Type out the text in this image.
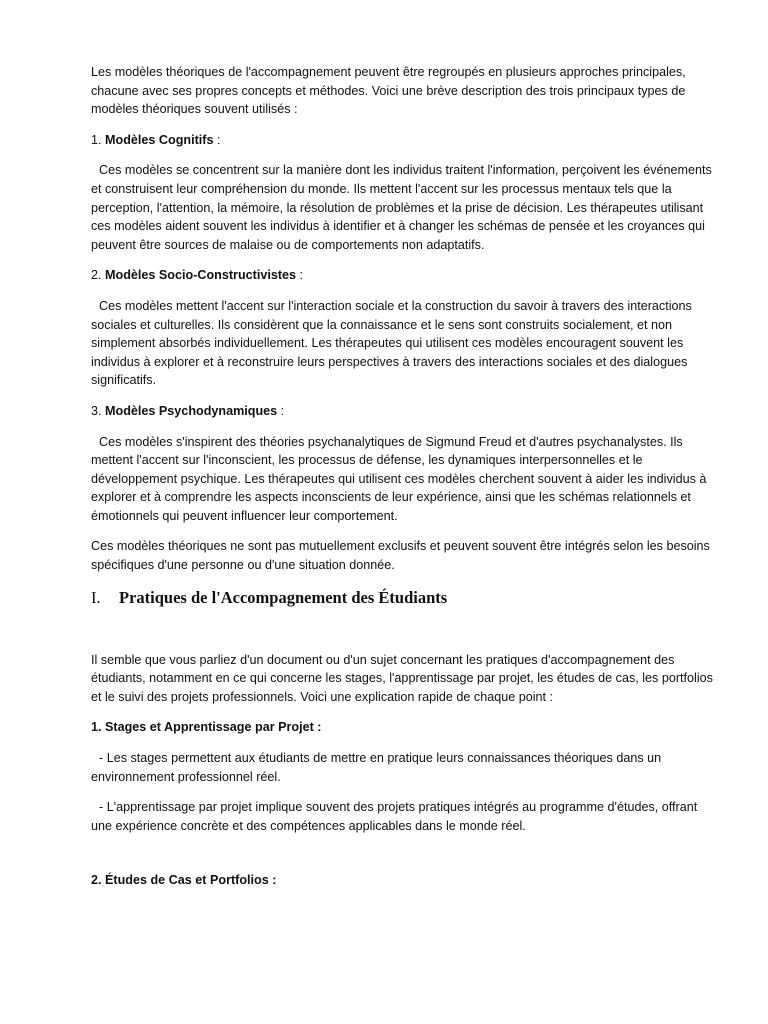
Les modèles théoriques de l'accompagnement peuvent être regroupés en plusieurs approches principales, chacune avec ses propres concepts et méthodes. Voici une brève description des trois principaux types de modèles théoriques souvent utilisés :

1. Modèles Cognitifs :

Ces modèles se concentrent sur la manière dont les individus traitent l'information, perçoivent les événements et construisent leur compréhension du monde. Ils mettent l'accent sur les processus mentaux tels que la perception, l'attention, la mémoire, la résolution de problèmes et la prise de décision. Les thérapeutes utilisant ces modèles aident souvent les individus à identifier et à changer les schémas de pensée et les croyances qui peuvent être sources de malaise ou de comportements non adaptatifs.

2. Modèles Socio-Constructivistes :

Ces modèles mettent l'accent sur l'interaction sociale et la construction du savoir à travers des interactions sociales et culturelles. Ils considèrent que la connaissance et le sens sont construits socialement, et non simplement absorbés individuellement. Les thérapeutes qui utilisent ces modèles encouragent souvent les individus à explorer et à reconstruire leurs perspectives à travers des interactions sociales et des dialogues significatifs.

3. Modèles Psychodynamiques :

Ces modèles s'inspirent des théories psychanalytiques de Sigmund Freud et d'autres psychanalystes. Ils mettent l'accent sur l'inconscient, les processus de défense, les dynamiques interpersonnelles et le développement psychique. Les thérapeutes qui utilisent ces modèles cherchent souvent à aider les individus à explorer et à comprendre les aspects inconscients de leur expérience, ainsi que les schémas relationnels et émotionnels qui peuvent influencer leur comportement.

Ces modèles théoriques ne sont pas mutuellement exclusifs et peuvent souvent être intégrés selon les besoins spécifiques d'une personne ou d'une situation donnée.

I.	Pratiques de l'Accompagnement des Étudiants

Il semble que vous parliez d'un document ou d'un sujet concernant les pratiques d'accompagnement des étudiants, notamment en ce qui concerne les stages, l'apprentissage par projet, les études de cas, les portfolios et le suivi des projets professionnels. Voici une explication rapide de chaque point :

1. Stages et Apprentissage par Projet :

- Les stages permettent aux étudiants de mettre en pratique leurs connaissances théoriques dans un environnement professionnel réel.

- L'apprentissage par projet implique souvent des projets pratiques intégrés au programme d'études, offrant une expérience concrète et des compétences applicables dans le monde réel.

2. Études de Cas et Portfolios :
